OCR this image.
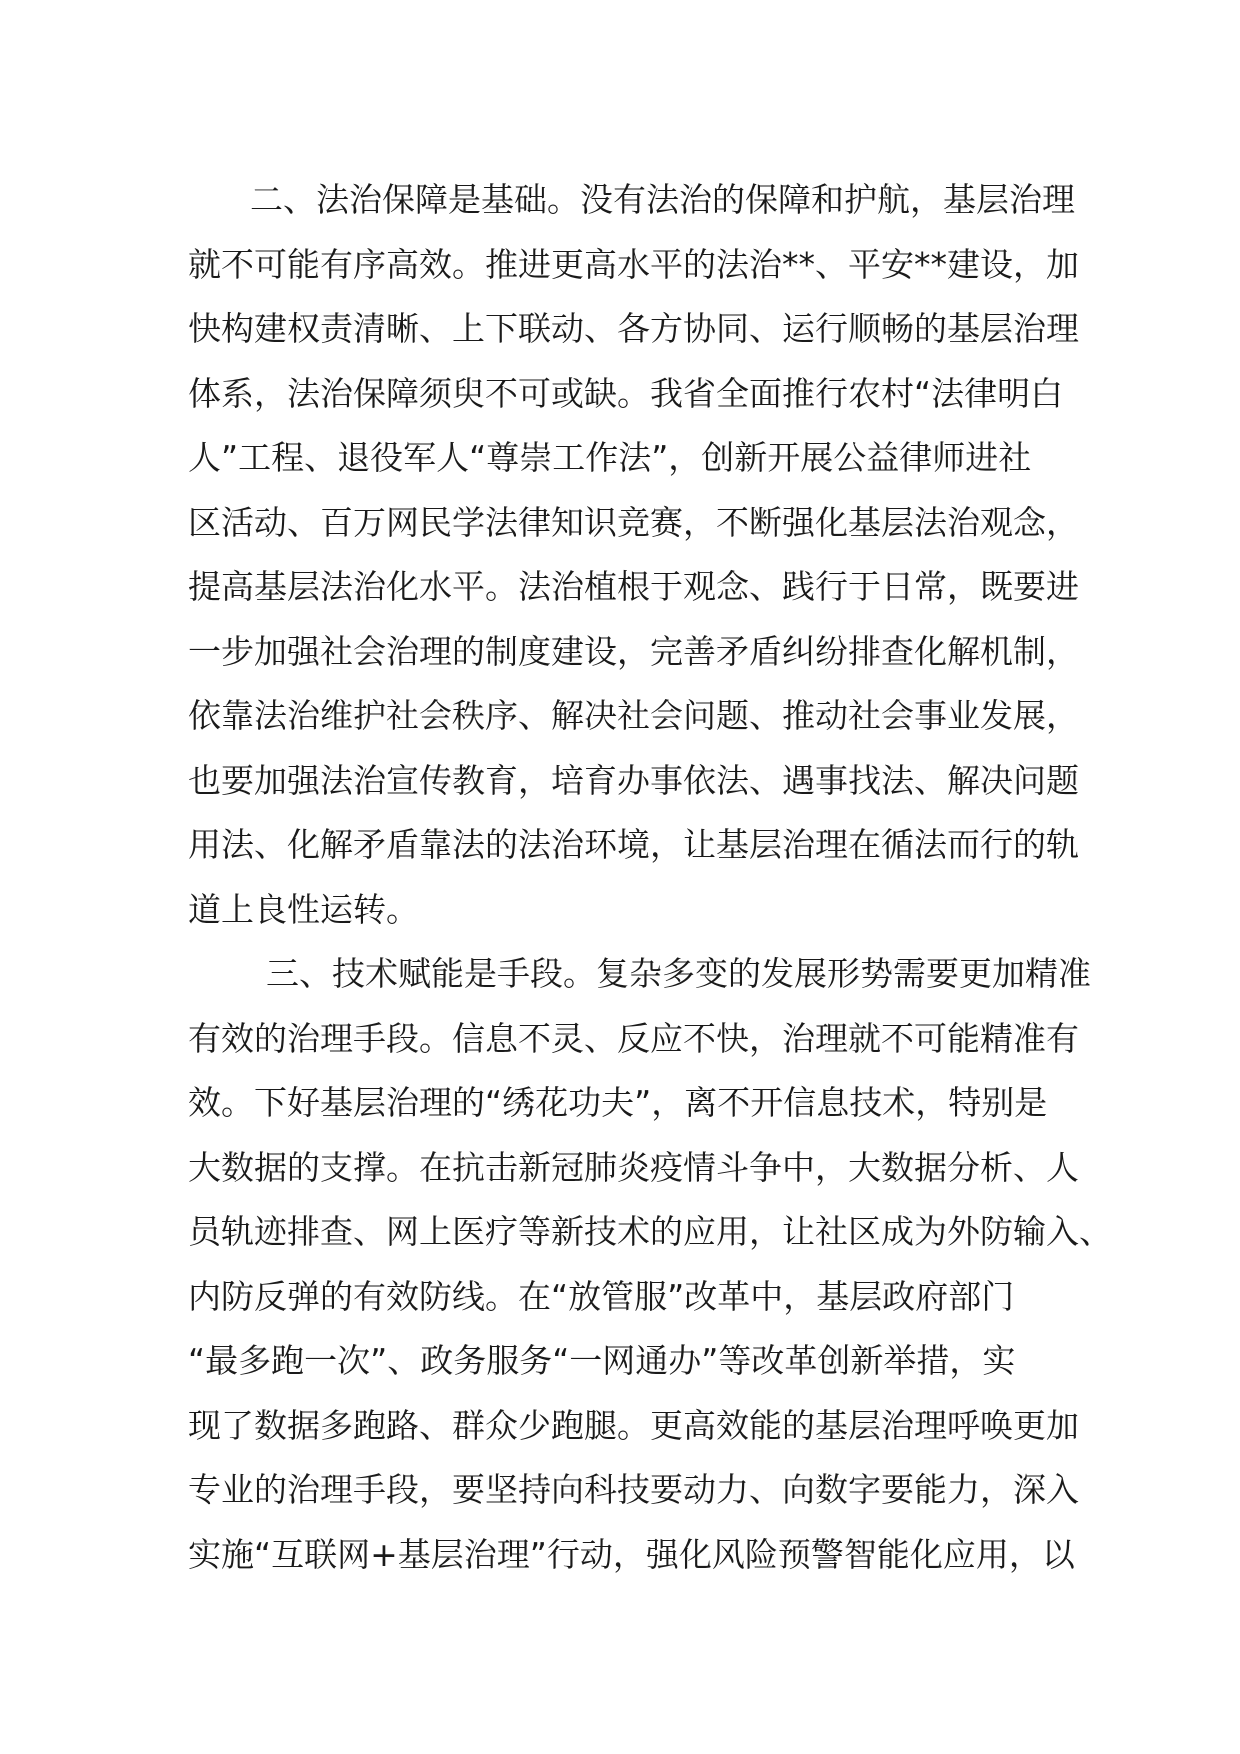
二、法治保障是基础。没有法治的保障和护航，基层治理
就不可能有序高效。推进更高水平的法治**、平安**建设，加
快构建权责清晰、上下联动、各方协同、运行顺畅的基层治理
体系，法治保障须臾不可或缺。我省全面推行农村“法律明白
人”工程、退役军人“尊崇工作法”，创新开展公益律师进社
区活动、百万网民学法律知识竞赛，不断强化基层法治观念，
提高基层法治化水平。法治植根于观念、践行于日常，既要进
一步加强社会治理的制度建设，完善矛盾纠纷排查化解机制，
依靠法治维护社会秩序、解决社会问题、推动社会事业发展，
也要加强法治宣传教育，培育办事依法、遇事找法、解决问题
用法、化解矛盾靠法的法治环境，让基层治理在循法而行的轨
道上良性运转。
三、技术赋能是手段。复杂多变的发展形势需要更加精准
有效的治理手段。信息不灵、反应不快，治理就不可能精准有
效。下好基层治理的“绣花功夫”，离不开信息技术，特别是
大数据的支撑。在抗击新冠肺炎疫情斗争中，大数据分析、人
员轨迹排查、网上医疗等新技术的应用，让社区成为外防输入、
内防反弹的有效防线。在“放管服”改革中，基层政府部门
“最多跑一次”、政务服务“一网通办”等改革创新举措，实
现了数据多跑路、群众少跑腿。更高效能的基层治理呼唤更加
专业的治理手段，要坚持向科技要动力、向数字要能力，深入
实施“互联网+基层治理”行动，强化风险预警智能化应用，以
